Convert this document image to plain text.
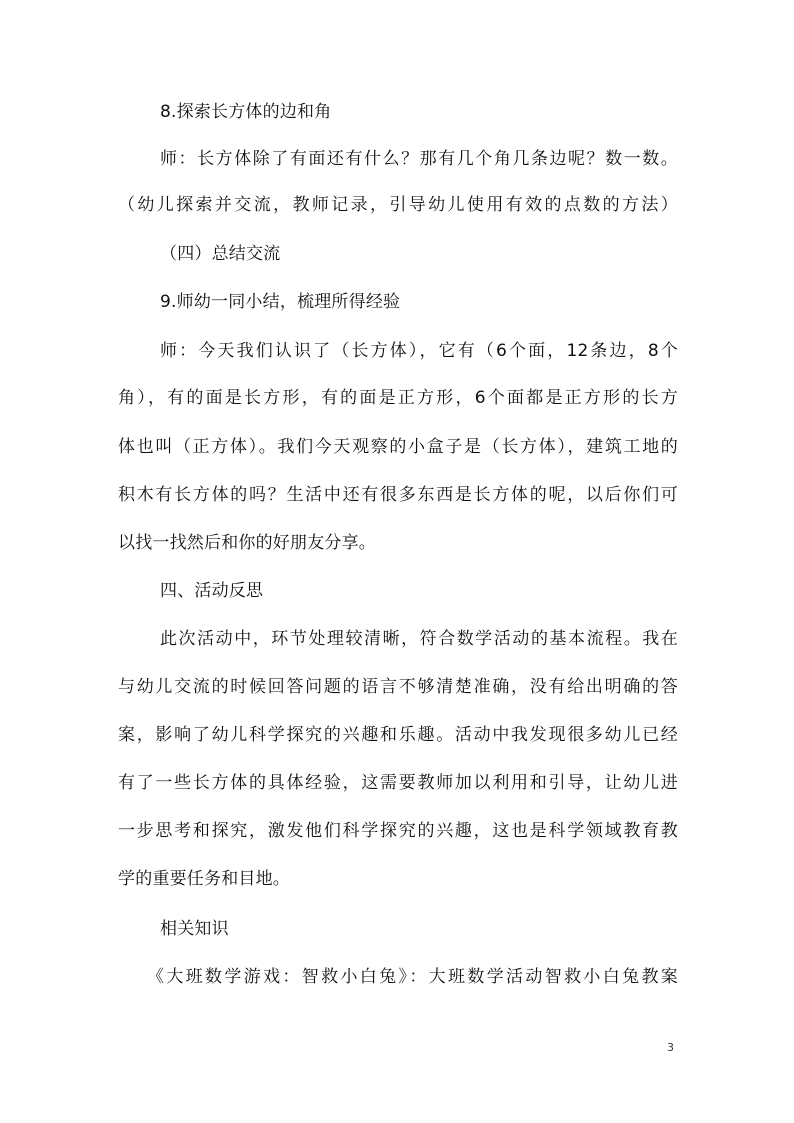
8.探索长方体的边和角
师：长方体除了有面还有什么？那有几个角几条边呢？数一数。
（幼儿探索并交流，教师记录，引导幼儿使用有效的点数的方法）
（四）总结交流
9.师幼一同小结，梳理所得经验
师：今天我们认识了（长方体），它有（6个面，12条边，8个
角），有的面是长方形，有的面是正方形，6个面都是正方形的长方
体也叫（正方体）。我们今天观察的小盒子是（长方体），建筑工地的
积木有长方体的吗？生活中还有很多东西是长方体的呢，以后你们可
以找一找然后和你的好朋友分享。
四、活动反思
此次活动中，环节处理较清晰，符合数学活动的基本流程。我在
与幼儿交流的时候回答问题的语言不够清楚准确，没有给出明确的答
案，影响了幼儿科学探究的兴趣和乐趣。活动中我发现很多幼儿已经
有了一些长方体的具体经验，这需要教师加以利用和引导，让幼儿进
一步思考和探究，激发他们科学探究的兴趣，这也是科学领域教育教
学的重要任务和目地。
相关知识
《大班数学游戏：智救小白兔》：大班数学活动智救小白兔教案
3
